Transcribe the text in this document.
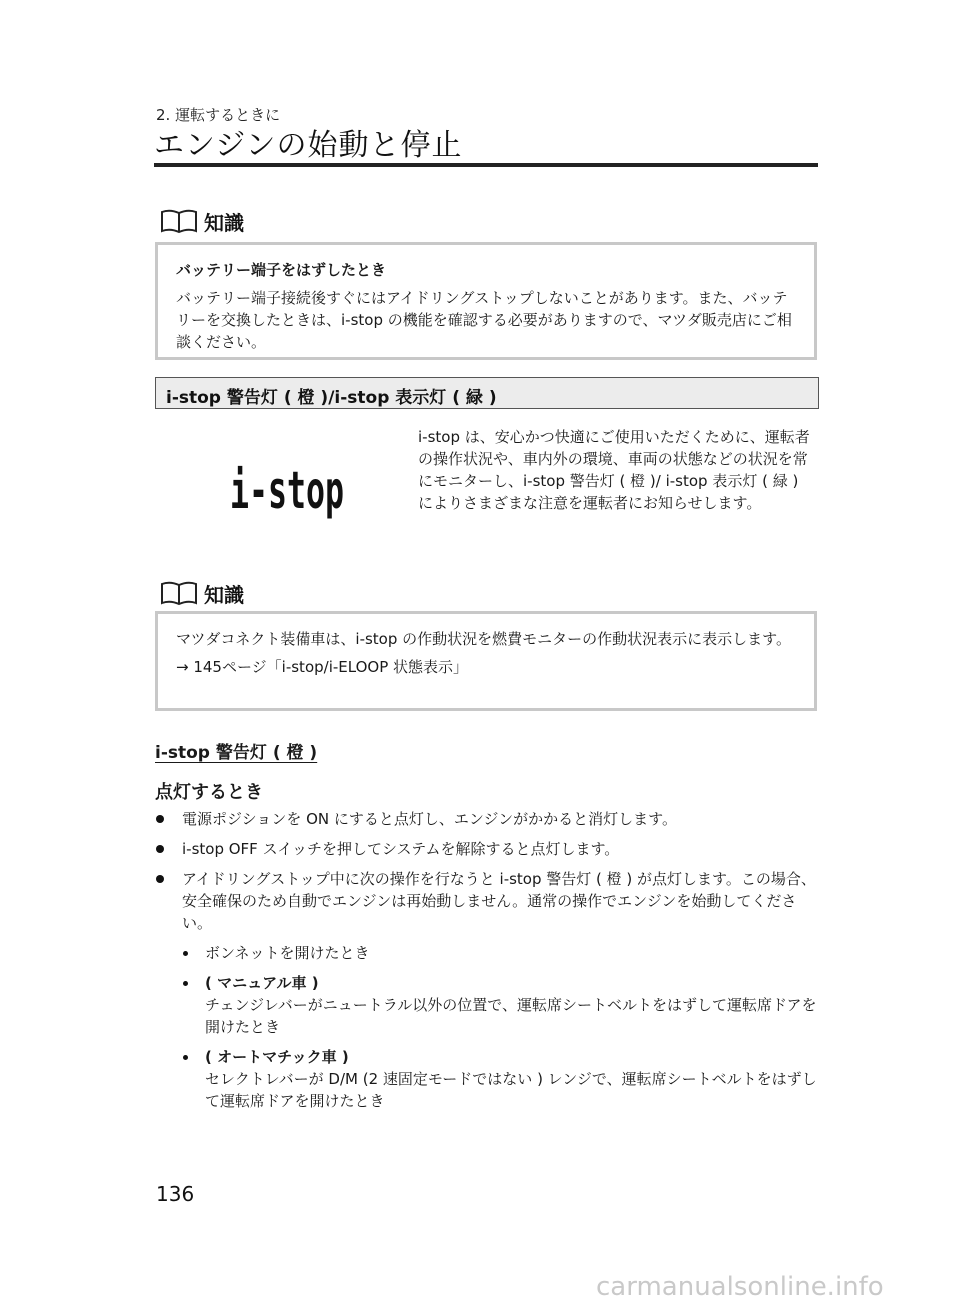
2. 運転するときに
エンジンの始動と停止
知識
バッテリー端子をはずしたとき

バッテリー端子接続後すぐにはアイドリングストップしないことがあります。また、バッテリーを交換したときは、i-stop の機能を確認する必要がありますので、マツダ販売店にご相談ください。

i-stop 警告灯 ( 橙 )/i-stop 表示灯 ( 緑 )
i-stop
i-stop は、安心かつ快適にご使用いただくために、運転者の操作状況や、車内外の環境、車両の状態などの状況を常にモニターし、i-stop 警告灯 ( 橙 )/ i-stop 表示灯 ( 緑 ) によりさまざまな注意を運転者にお知らせします。
知識

マツダコネクト装備車は、i-stop の作動状況を燃費モニターの作動状況表示に表示します。

→ 145ページ「i-stop/i-ELOOP 状態表示」

i-stop 警告灯 ( 橙 )
点灯するとき
電源ポジションを ON にすると点灯し、エンジンがかかると消灯します。
i-stop OFF スイッチを押してシステムを解除すると点灯します。
アイドリングストップ中に次の操作を行なうと i-stop 警告灯 ( 橙 ) が点灯します。この場合、安全確保のため自動でエンジンは再始動しません。通常の操作でエンジンを始動してください。
ボンネットを開けたとき
( マニュアル車 )
チェンジレバーがニュートラル以外の位置で、運転席シートベルトをはずして運転席ドアを開けたとき
( オートマチック車 )
セレクトレバーが D/M (2 速固定モードではない ) レンジで、運転席シートベルトをはずして運転席ドアを開けたとき
136
carmanualsonline.info
